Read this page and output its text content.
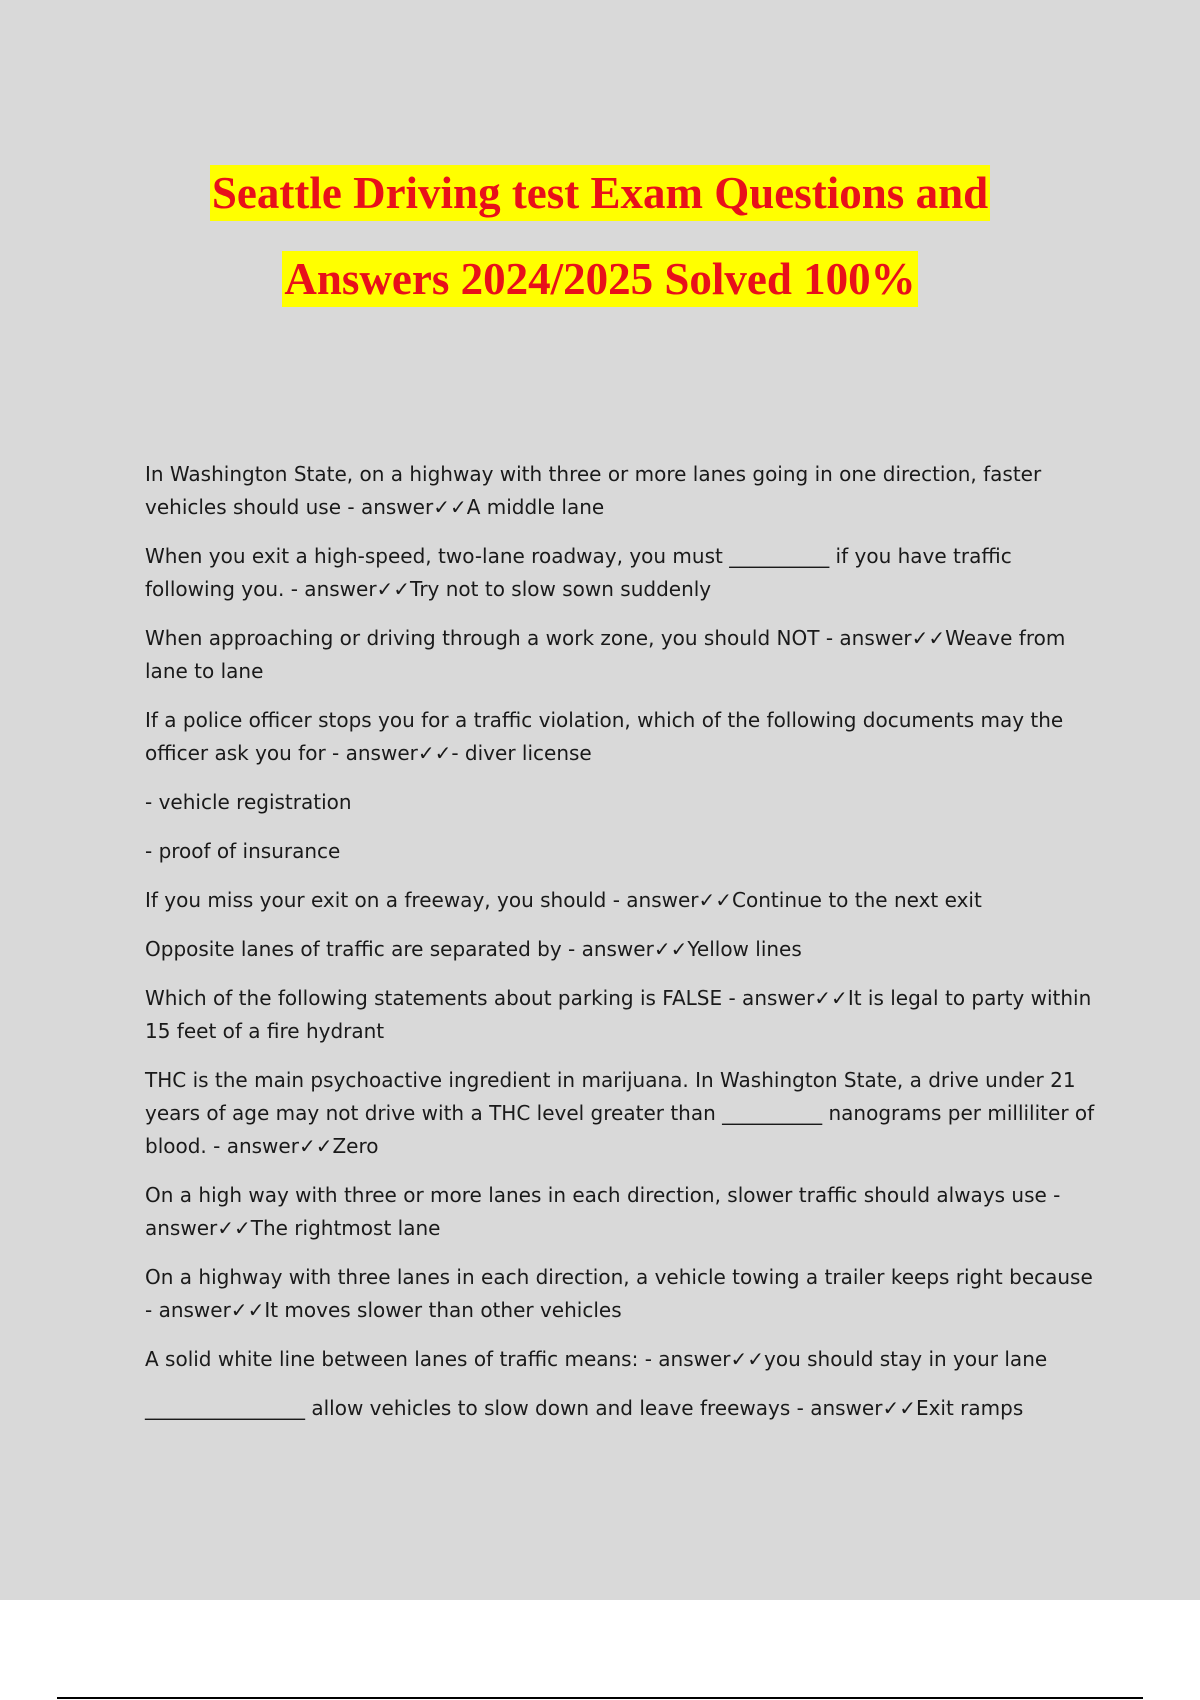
Seattle Driving test Exam Questions and
Answers 2024/2025 Solved 100%

In Washington State, on a highway with three or more lanes going in one direction, faster vehicles should use - answer✓✓A middle lane

When you exit a high-speed, two-lane roadway, you must __________ if you have traffic following you. - answer✓✓Try not to slow sown suddenly

When approaching or driving through a work zone, you should NOT - answer✓✓Weave from lane to lane

If a police officer stops you for a traffic violation, which of the following documents may the officer ask you for - answer✓✓- diver license

- vehicle registration

- proof of insurance

If you miss your exit on a freeway, you should - answer✓✓Continue to the next exit

Opposite lanes of traffic are separated by - answer✓✓Yellow lines

Which of the following statements about parking is FALSE - answer✓✓It is legal to party within 15 feet of a fire hydrant

THC is the main psychoactive ingredient in marijuana. In Washington State, a drive under 21 years of age may not drive with a THC level greater than __________ nanograms per milliliter of blood. - answer✓✓Zero

On a high way with three or more lanes in each direction, slower traffic should always use - answer✓✓The rightmost lane

On a highway with three lanes in each direction, a vehicle towing a trailer keeps right because - answer✓✓It moves slower than other vehicles

A solid white line between lanes of traffic means: - answer✓✓you should stay in your lane

________________ allow vehicles to slow down and leave freeways - answer✓✓Exit ramps
